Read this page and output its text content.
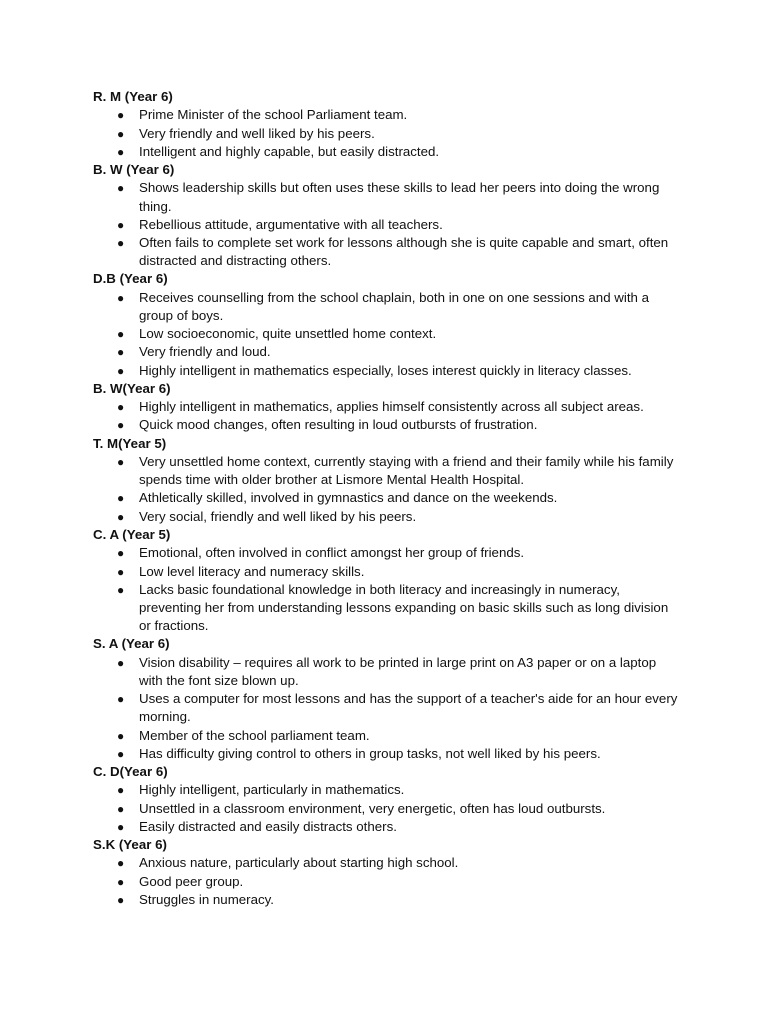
R. M (Year 6)

● Prime Minister of the school Parliament team.
● Very friendly and well liked by his peers.
● Intelligent and highly capable, but easily distracted.

B. W (Year 6)

● Shows leadership skills but often uses these skills to lead her peers into doing the wrong thing.
● Rebellious attitude, argumentative with all teachers.
● Often fails to complete set work for lessons although she is quite capable and smart, often distracted and distracting others.

D.B (Year 6)

● Receives counselling from the school chaplain, both in one on one sessions and with a group of boys.
● Low socioeconomic, quite unsettled home context.
● Very friendly and loud.
● Highly intelligent in mathematics especially, loses interest quickly in literacy classes.

B. W(Year 6)

● Highly intelligent in mathematics, applies himself consistently across all subject areas.
● Quick mood changes, often resulting in loud outbursts of frustration.

T. M(Year 5)

● Very unsettled home context, currently staying with a friend and their family while his family spends time with older brother at Lismore Mental Health Hospital.
● Athletically skilled, involved in gymnastics and dance on the weekends.
● Very social, friendly and well liked by his peers.

C. A (Year 5)

● Emotional, often involved in conflict amongst her group of friends.
● Low level literacy and numeracy skills.
● Lacks basic foundational knowledge in both literacy and increasingly in numeracy, preventing her from understanding lessons expanding on basic skills such as long division or fractions.

S. A (Year 6)

● Vision disability – requires all work to be printed in large print on A3 paper or on a laptop with the font size blown up.
● Uses a computer for most lessons and has the support of a teacher's aide for an hour every morning.
● Member of the school parliament team.
● Has difficulty giving control to others in group tasks, not well liked by his peers.

C. D(Year 6)

● Highly intelligent, particularly in mathematics.
● Unsettled in a classroom environment, very energetic, often has loud outbursts.
● Easily distracted and easily distracts others.

S.K (Year 6)

● Anxious nature, particularly about starting high school.
● Good peer group.
● Struggles in numeracy.
